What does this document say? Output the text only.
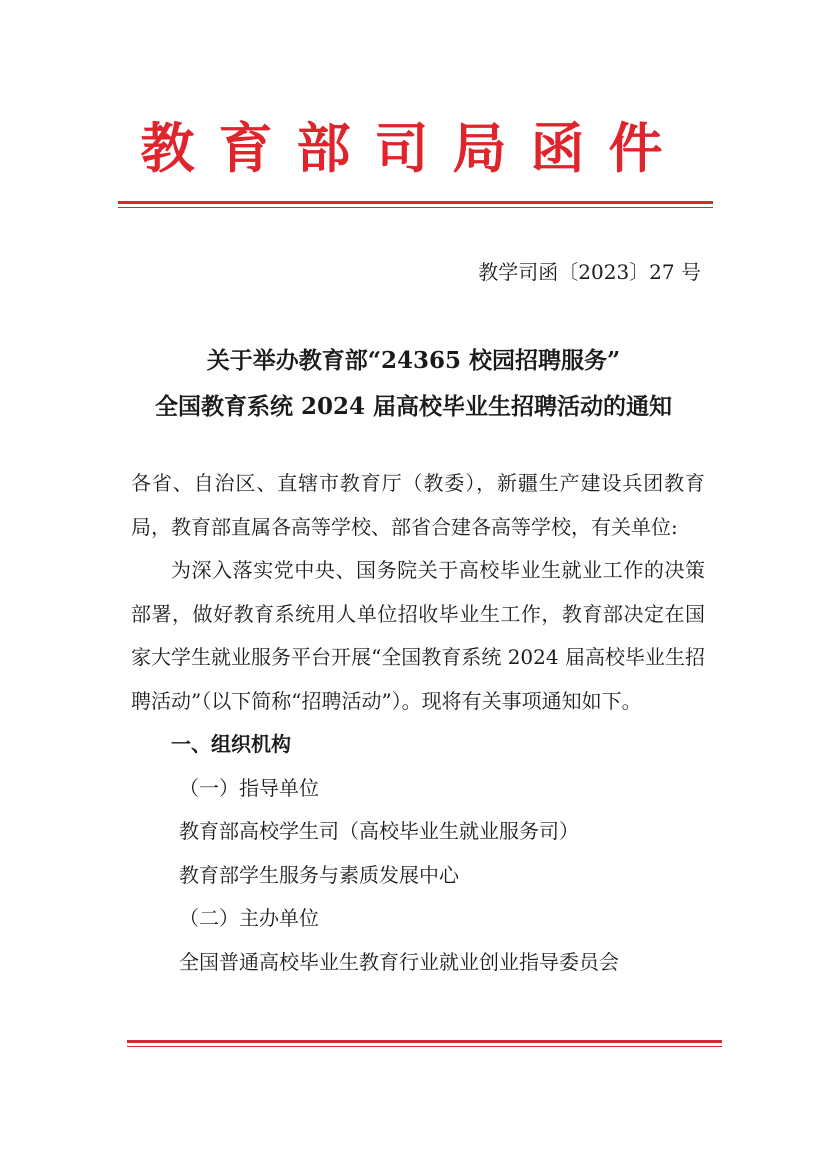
教育部司局函件
教学司函〔2023〕27 号
关于举办教育部“24365 校园招聘服务”
全国教育系统 2024 届高校毕业生招聘活动的通知

各省、自治区、直辖市教育厅（教委），新疆生产建设兵团教育局，教育部直属各高等学校、部省合建各高等学校，有关单位:

为深入落实党中央、国务院关于高校毕业生就业工作的决策部署，做好教育系统用人单位招收毕业生工作，教育部决定在国家大学生就业服务平台开展“全国教育系统 2024 届高校毕业生招聘活动”（以下简称“招聘活动”）。现将有关事项通知如下。

一、组织机构

（一）指导单位

教育部高校学生司（高校毕业生就业服务司）

教育部学生服务与素质发展中心

（二）主办单位

全国普通高校毕业生教育行业就业创业指导委员会
